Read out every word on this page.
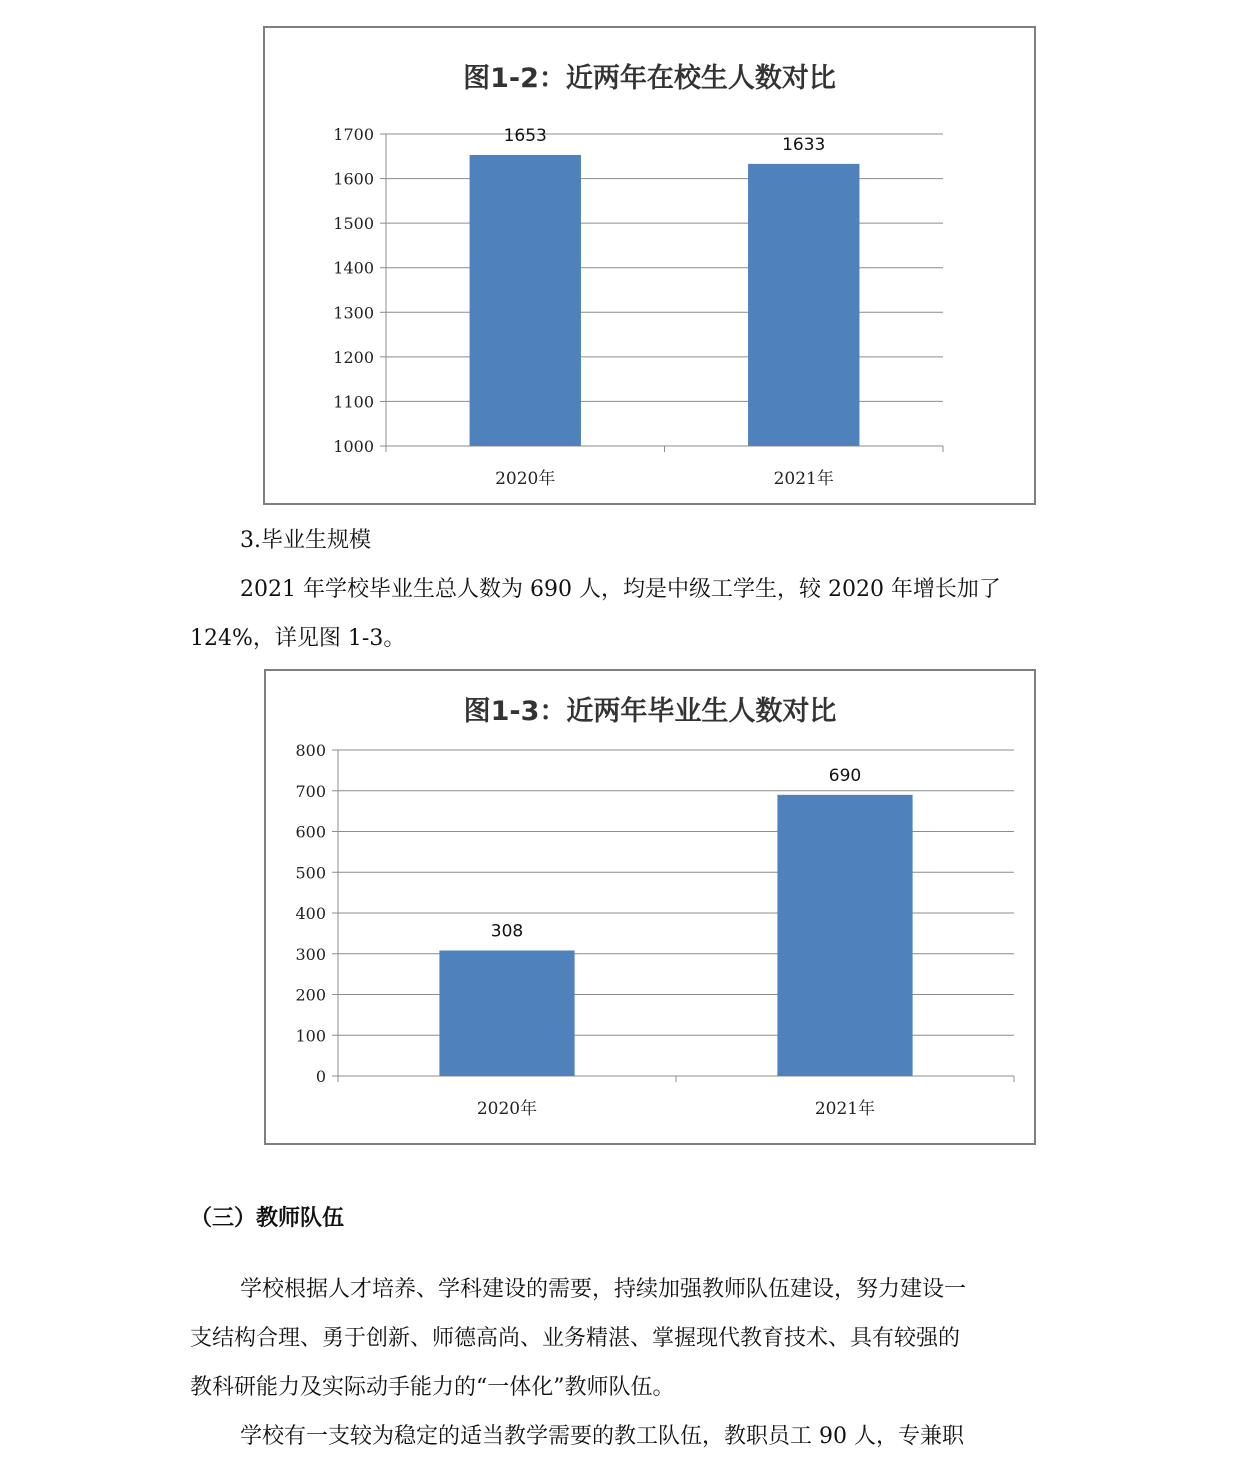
图1-2：近两年在校生人数对比
1000
1100
1200
1300
1400
1500
1600
1700	1653
2020年
1633
2021年
3.毕业生规模
2021 年学校毕业生总人数为 690 人，均是中级工学生，较 2020 年增长加了
124%，详见图 1-3。
图1-3：近两年毕业生人数对比
0
100
200
300
400
500
600
700
800
308
2020年
690
2021年
（三）教师队伍
学校根据人才培养、学科建设的需要，持续加强教师队伍建设，努力建设一
支结构合理、勇于创新、师德高尚、业务精湛、掌握现代教育技术、具有较强的
教科研能力及实际动手能力的“一体化”教师队伍。
学校有一支较为稳定的适当教学需要的教工队伍，教职员工 90 人，专兼职
